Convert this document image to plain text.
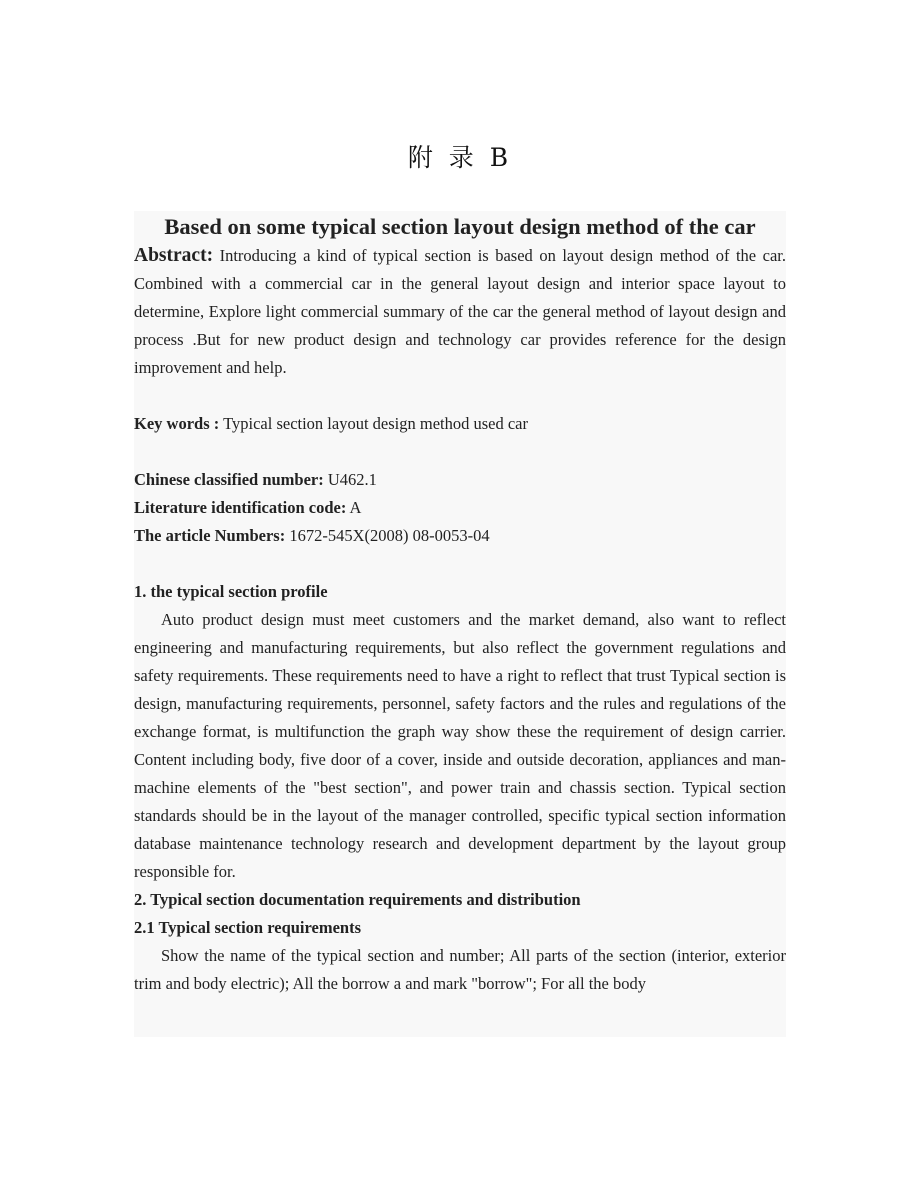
附 录 B

Based on some typical section layout design method of the car

Abstract: Introducing a kind of typical section is based on layout design method of the car. Combined with a commercial car in the general layout design and interior space layout to determine, Explore light commercial summary of the car the general method of layout design and process .But for new product design and technology car provides reference for the design improvement and help.

Key words : Typical section layout design method used car

Chinese classified number: U462.1

Literature identification code: A

The article Numbers: 1672-545X(2008) 08-0053-04

1. the typical section profile

Auto product design must meet customers and the market demand, also want to reflect engineering and manufacturing requirements, but also reflect the government regulations and safety requirements. These requirements need to have a right to reflect that trust Typical section is design, manufacturing requirements, personnel, safety factors and the rules and regulations of the exchange format, is multifunction the graph way show these the requirement of design carrier. Content including body, five door of a cover, inside and outside decoration, appliances and man-machine elements of the "best section", and power train and chassis section. Typical section standards should be in the layout of the manager controlled, specific typical section information database maintenance technology research and development department by the layout group responsible for.

2. Typical section documentation requirements and distribution

2.1 Typical section requirements

Show the name of the typical section and number; All parts of the section (interior, exterior trim and body electric); All the borrow a and mark "borrow"; For all the body
